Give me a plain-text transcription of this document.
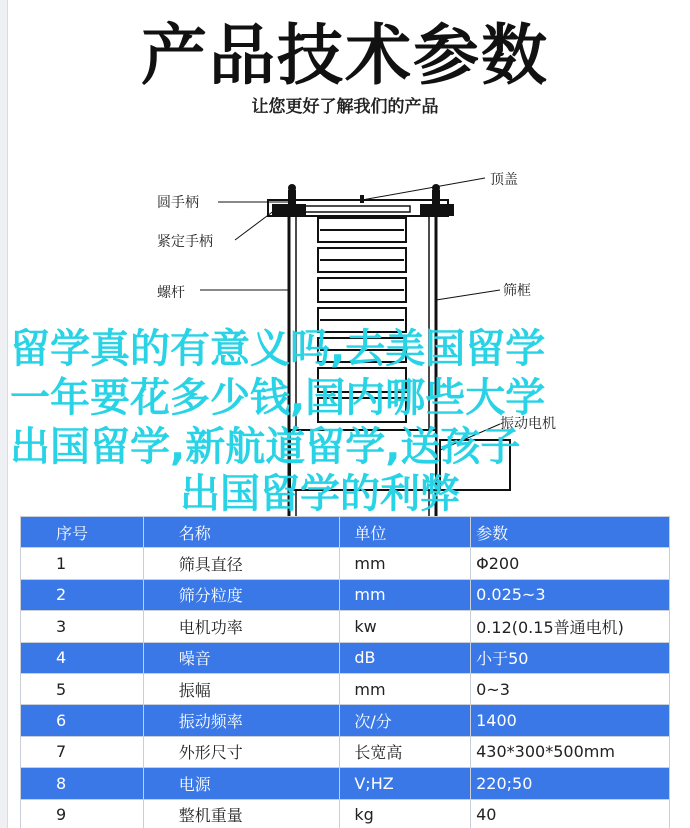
产品技术参数
让您更好了解我们的产品
圆手柄
紧定手柄
螺杆
顶盖
筛框
振动电机
留学真的有意义吗,去美国留学
一年要花多少钱,国内哪些大学
出国留学,新航道留学,送孩子
出国留学的利弊
序号	名称	单位	参数
1	筛具直径	mm	Φ200
2	筛分粒度	mm	0.025~3
3	电机功率	kw	0.12(0.15普通电机)
4	噪音	dB	小于50
5	振幅	mm	0~3
6	振动频率	次/分	1400
7	外形尺寸	长宽高	430*300*500mm
8	电源	V;HZ	220;50
9	整机重量	kg	40
